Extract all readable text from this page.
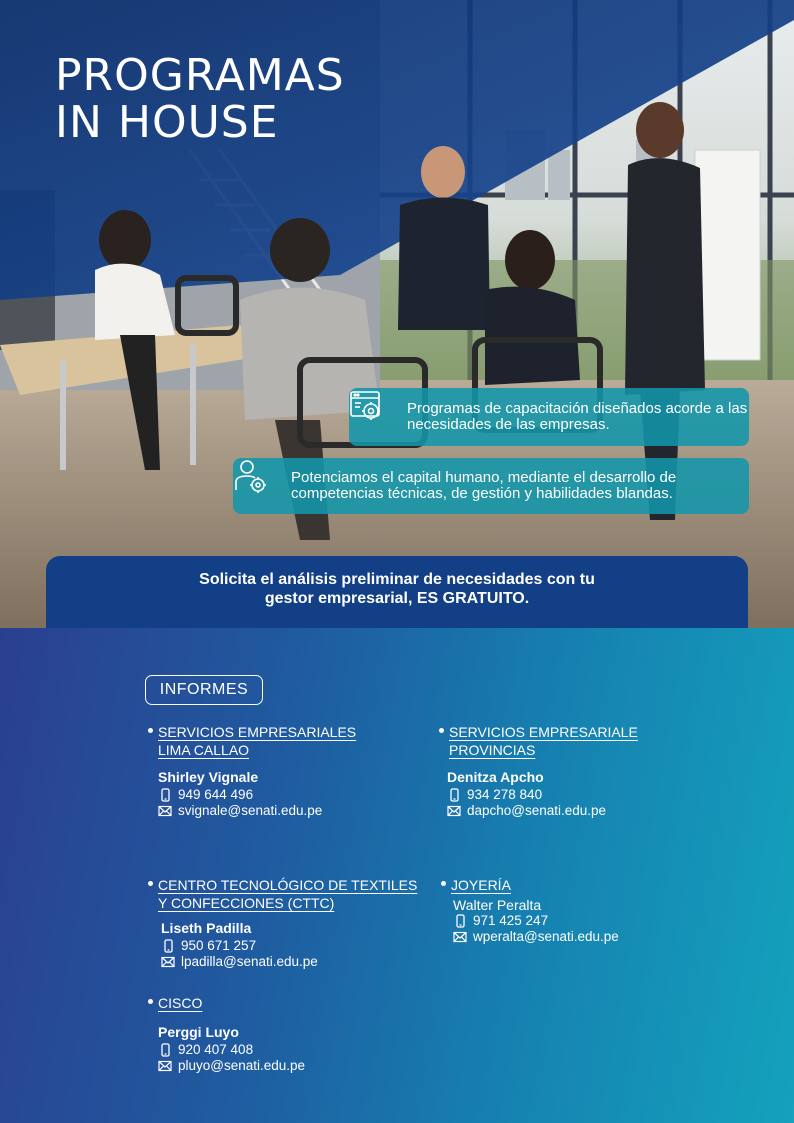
PROGRAMAS
IN HOUSE
Programas de capacitación diseñados acorde a las necesidades de las empresas.
Potenciamos el capital humano, mediante el desarrollo de competencias técnicas, de gestión y habilidades blandas.

Solicita el análisis preliminar de necesidades con tu gestor empresarial, ES GRATUITO.

INFORMES
SERVICIOS EMPRESARIALES
LIMA CALLAO
Shirley Vignale
949 644 496
svignale@senati.edu.pe
SERVICIOS EMPRESARIALE
PROVINCIAS
Denitza Apcho
934 278 840
dapcho@senati.edu.pe
CENTRO TECNOLÓGICO DE TEXTILES
Y CONFECCIONES (CTTC)
Liseth Padilla
950 671 257
lpadilla@senati.edu.pe
JOYERÍA
Walter Peralta
971 425 247
wperalta@senati.edu.pe
CISCO
Perggi Luyo
920 407 408
pluyo@senati.edu.pe
